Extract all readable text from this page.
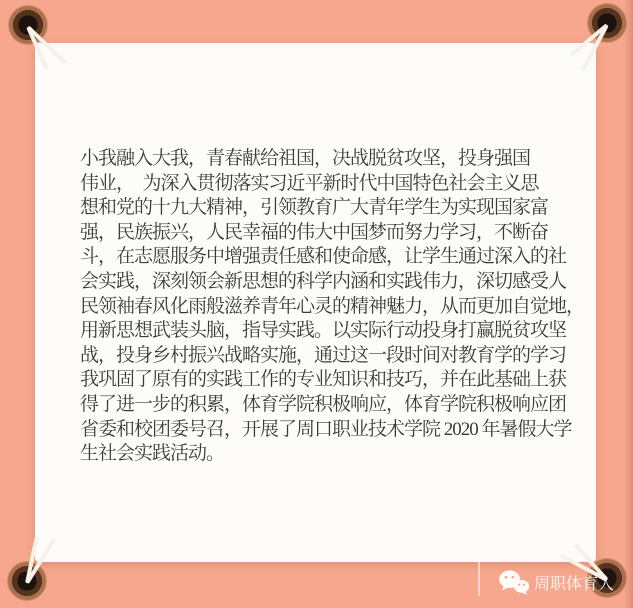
小我融入大我，青春献给祖国，决战脱贫攻坚，投身强国
伟业，　为深入贯彻落实习近平新时代中国特色社会主义思
想和党的十九大精神，引领教育广大青年学生为实现国家富
强，民族振兴，人民幸福的伟大中国梦而努力学习，不断奋
斗，在志愿服务中增强责任感和使命感，让学生通过深入的社
会实践，深刻领会新思想的科学内涵和实践伟力，深切感受人
民领袖春风化雨般滋养青年心灵的精神魅力，从而更加自觉地，
用新思想武装头脑，指导实践。以实际行动投身打赢脱贫攻坚
战，投身乡村振兴战略实施，通过这一段时间对教育学的学习
我巩固了原有的实践工作的专业知识和技巧，并在此基础上获
得了进一步的积累，体育学院积极响应，体育学院积极响应团
省委和校团委号召，开展了周口职业技术学院 2020 年暑假大学
生社会实践活动。
周职体育人
